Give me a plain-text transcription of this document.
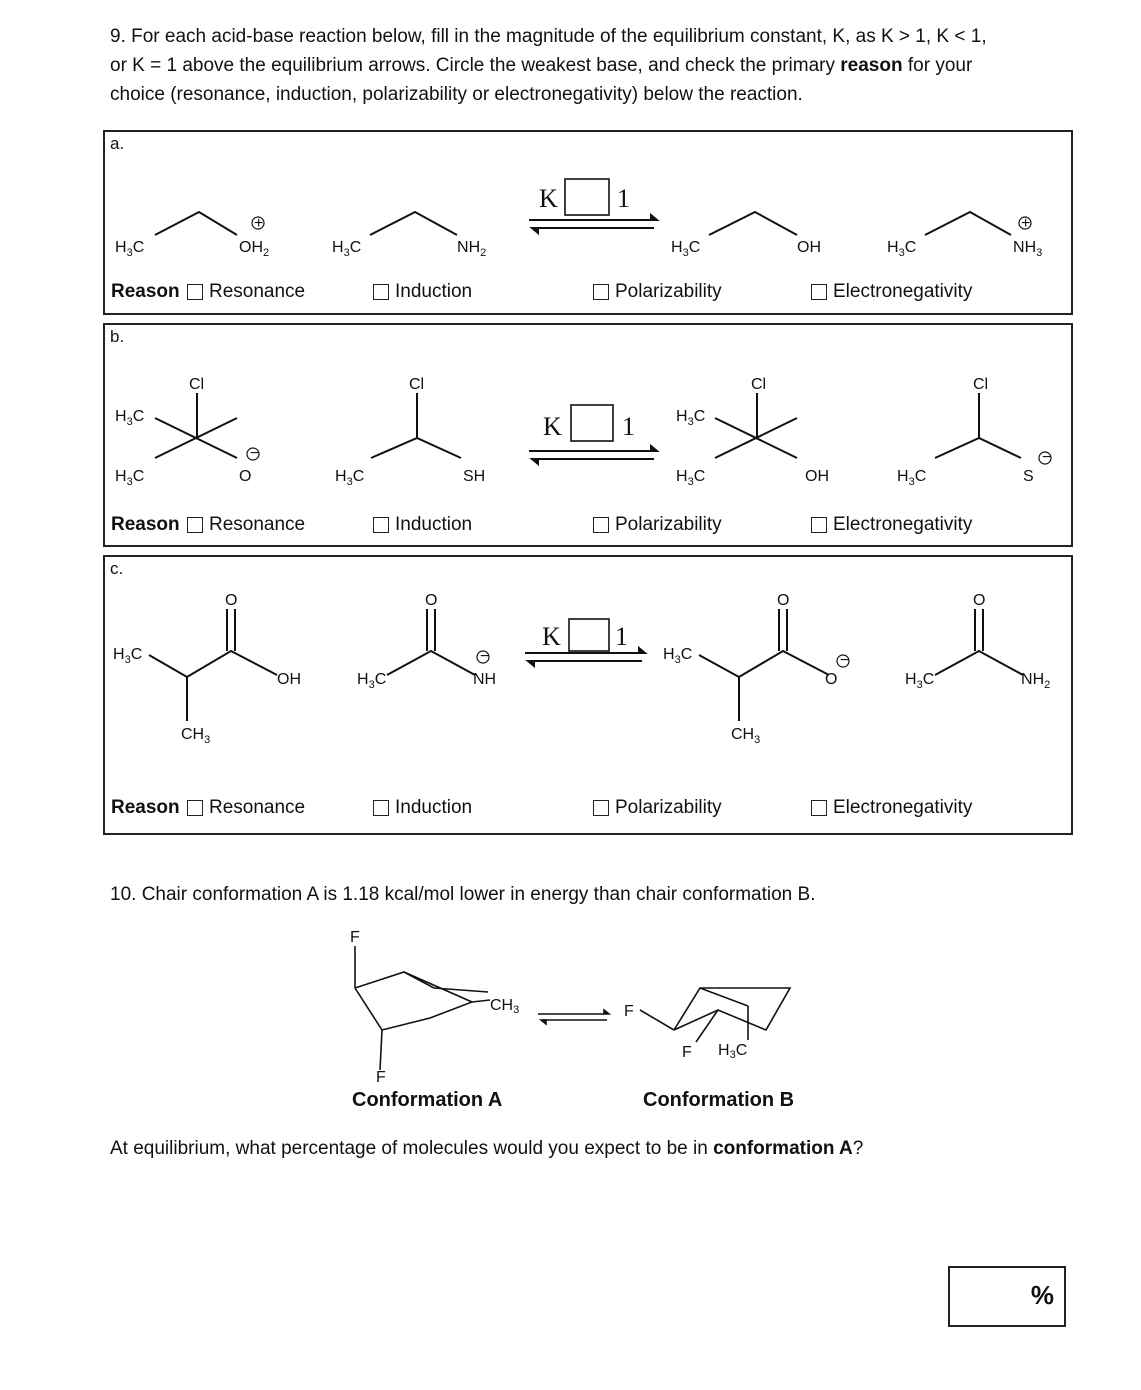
9. For each acid-base reaction below, fill in the magnitude of the equilibrium constant, K, as K > 1, K < 1,
or K = 1 above the equilibrium arrows. Circle the weakest base, and check the primary reason for your
choice (resonance, induction, polarizability or electronegativity) below the reaction.
a.
K 1
+	+
$H_3C$	$H_3C$	$H_3C$	$H_3C$
$OH_2$	$NH_2$	OH	$NH_3$
Reason Resonance	Induction	Polarizability	Electronegativity
b.
K 1
−	−
Cl	Cl	Cl	Cl
$H_3C$
$H_3C$	O	$H_3C$	SH
$H_3C$
$H_3C$	OH	$H_3C$	S
Reason Resonance	Induction	Polarizability	Electronegativity
c.
K 1
−	−
O	O	O	O
$H_3C$
OH
$CH_3$
$H_3C$	NH
$H_3C$
O
$CH_3$
$H_3C$	$NH_2$
Reason Resonance	Induction	Polarizability	Electronegativity
10. Chair conformation A is 1.18 kcal/mol lower in energy than chair conformation B.
F
F
CH3	F
F H3C
Conformation A	Conformation B
At equilibrium, what percentage of molecules would you expect to be in conformation A?
%
